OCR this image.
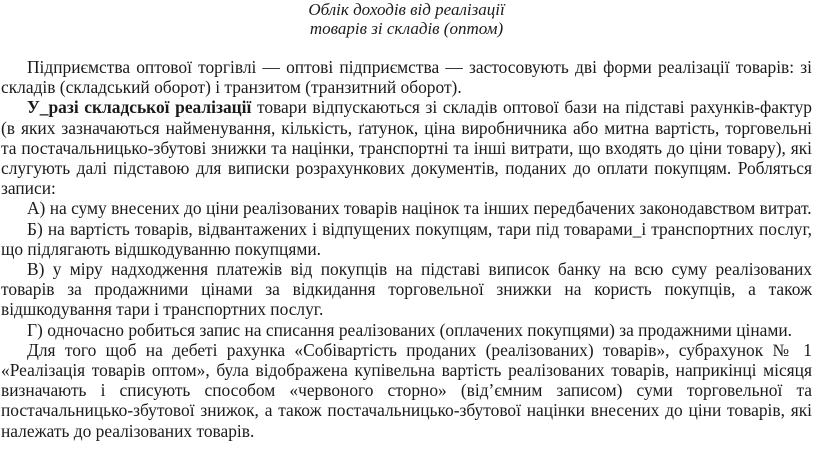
Облік доходів від реалізації

товарів зі складів (оптом)

Підприємства оптової торгівлі — оптові підприємства — застосовують дві форми реалізації товарів: зі складів (складський оборот) і транзитом (транзитний оборот).

У_разі складської реалізації товари відпускаються зі складів оптової бази на підставі рахунків-фактур (в яких зазначаються найменування, кількість, ґатунок, ціна виробничника або митна вартість, торговельні та постачальницько-збутові знижки та націнки, транспортні та інші витрати, що входять до ціни товару), які слугують далі підставою для виписки розрахункових документів, поданих до оплати покупцям. Робляться записи:

А) на суму внесених до ціни реалізованих товарів націнок та інших передбачених законодавством витрат.

Б) на вартість товарів, відвантажених і відпущених покупцям, тари під товарами_і транспортних послуг, що підлягають відшкодуванню покупцями.

В) у міру надходження платежів від покупців на підставі виписок банку на всю суму реалізованих товарів за продажними цінами за відкидання торговельної знижки на користь покупців, а також відшкодування тари і транспортних послуг.

Г) одночасно робиться запис на списання реалізованих (оплачених покупцями) за продажними цінами.

Для того щоб на дебеті рахунка «Собівартість проданих (реалізованих) товарів», субрахунок № 1 «Реалізація товарів оптом», була відображена купівельна вартість реалізованих товарів, наприкінці місяця визначають і списують способом «червоного сторно» (від’ємним записом) суми торговельної та постачальницько-збутової знижок, а також постачальницько-збутової націнки внесених до ціни товарів, які належать до реалізованих товарів.
